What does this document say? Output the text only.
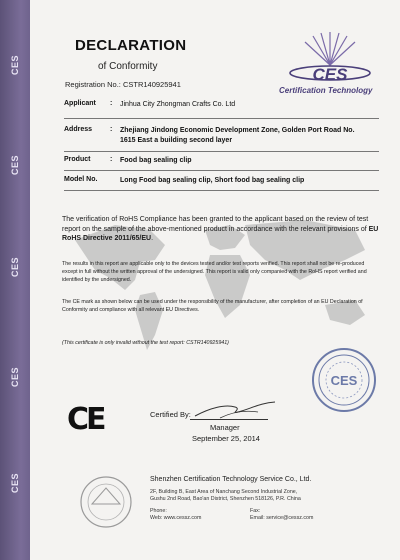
CES
CES
CES
CES
CES
DECLARATION
of Conformity
Registration No.: CSTR140925941
CES
Certification Technology
Applicant : Jinhua City Zhongman Crafts Co. Ltd
Address	: Zhejiang Jindong Economic Development Zone, Golden Port Road No. 1615 East a building second layer
Product	: Food bag sealing clip
Model No.	Long Food bag sealing clip, Short food bag sealing clip
The verification of RoHS Compliance has been granted to the applicant based on the review of test report on the sample of the above-mentioned product in accordance with the relevant provisions of EU RoHS Directive 2011/65/EU.
The results in this report are applicable only to the devices tested and/or test reports verified. This report shall not be re-produced except in full without the written approval of the undersigned. This report is valid only companied with the RoHS report verified and identified by the undersigned.
The CE mark as shown below can be used under the responsibility of the manufacturer, after completion of an EU Declaration of Conformity and compliance with all relevant EU Directives.
(This certificate is only invalid without the test report: CSTR140925941)
CES
CE	Certified By:
Manager
September 25, 2014
Shenzhen Certification Technology Service Co., Ltd.
2F, Building B, East Area of Nanchang Second Industrial Zone,
Gushu 2nd Road, Bao'an District, Shenzhen 518126, P.R. China
Phone:	Fax:
Web: www.cessz.com	Email: service@cessz.com
